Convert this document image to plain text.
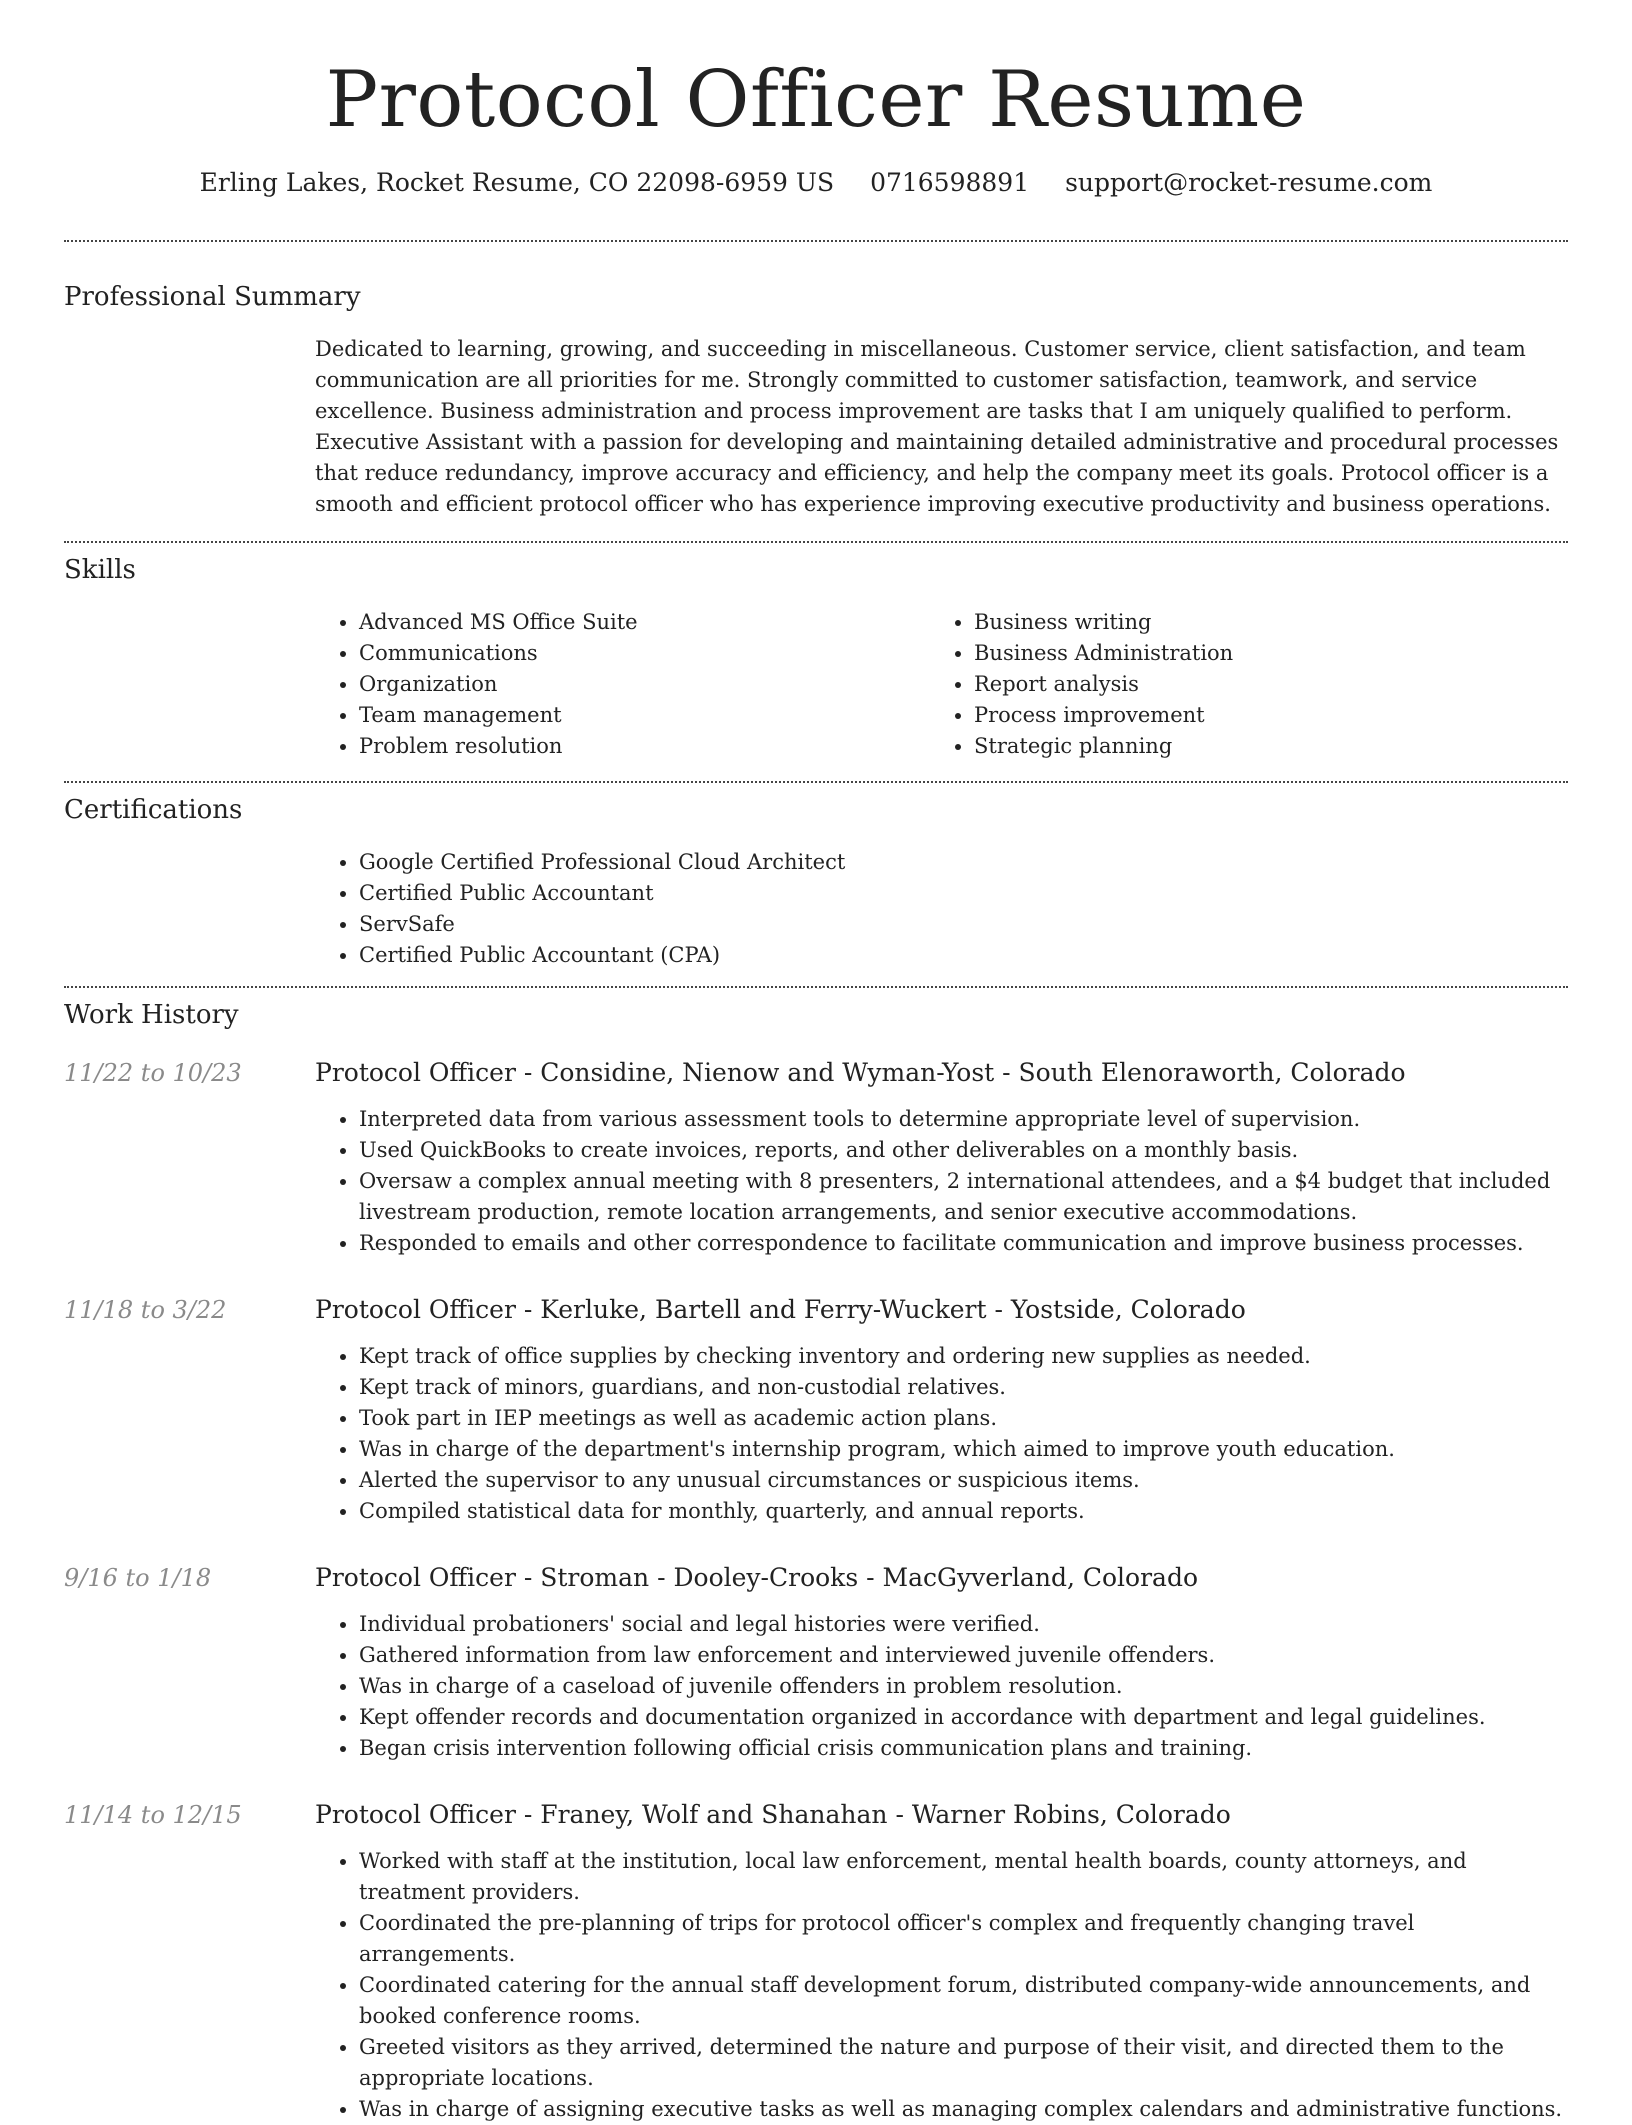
Protocol Officer Resume
Erling Lakes, Rocket Resume, CO 22098-6959 US 0716598891 support@rocket-resume.com
Professional Summary

Dedicated to learning, growing, and succeeding in miscellaneous. Customer service, client satisfaction, and team communication are all priorities for me. Strongly committed to customer satisfaction, teamwork, and service excellence. Business administration and process improvement are tasks that I am uniquely qualified to perform. Executive Assistant with a passion for developing and maintaining detailed administrative and procedural processes that reduce redundancy, improve accuracy and efficiency, and help the company meet its goals. Protocol officer is a smooth and efficient protocol officer who has experience improving executive productivity and business operations.

Skills
• Advanced MS Office Suite
• Communications
• Organization
• Team management
• Problem resolution
• Business writing
• Business Administration
• Report analysis
• Process improvement
• Strategic planning
Certifications
• Google Certified Professional Cloud Architect
• Certified Public Accountant
• ServSafe
• Certified Public Accountant (CPA)
Work History
11/22 to 10/23	Protocol Officer - Considine, Nienow and Wyman-Yost - South Elenoraworth, Colorado
• Interpreted data from various assessment tools to determine appropriate level of supervision.
• Used QuickBooks to create invoices, reports, and other deliverables on a monthly basis.
• Oversaw a complex annual meeting with 8 presenters, 2 international attendees, and a $4 budget that included livestream production, remote location arrangements, and senior executive accommodations.
• Responded to emails and other correspondence to facilitate communication and improve business processes.
11/18 to 3/22	Protocol Officer - Kerluke, Bartell and Ferry-Wuckert - Yostside, Colorado
• Kept track of office supplies by checking inventory and ordering new supplies as needed.
• Kept track of minors, guardians, and non-custodial relatives.
• Took part in IEP meetings as well as academic action plans.
• Was in charge of the department's internship program, which aimed to improve youth education.
• Alerted the supervisor to any unusual circumstances or suspicious items.
• Compiled statistical data for monthly, quarterly, and annual reports.
9/16 to 1/18	Protocol Officer - Stroman - Dooley-Crooks - MacGyverland, Colorado
• Individual probationers' social and legal histories were verified.
• Gathered information from law enforcement and interviewed juvenile offenders.
• Was in charge of a caseload of juvenile offenders in problem resolution.
• Kept offender records and documentation organized in accordance with department and legal guidelines.
• Began crisis intervention following official crisis communication plans and training.
11/14 to 12/15	Protocol Officer - Franey, Wolf and Shanahan - Warner Robins, Colorado
• Worked with staff at the institution, local law enforcement, mental health boards, county attorneys, and treatment providers.
• Coordinated the pre-planning of trips for protocol officer's complex and frequently changing travel arrangements.
• Coordinated catering for the annual staff development forum, distributed company-wide announcements, and booked conference rooms.
• Greeted visitors as they arrived, determined the nature and purpose of their visit, and directed them to the appropriate locations.
• Was in charge of assigning executive tasks as well as managing complex calendars and administrative functions.
